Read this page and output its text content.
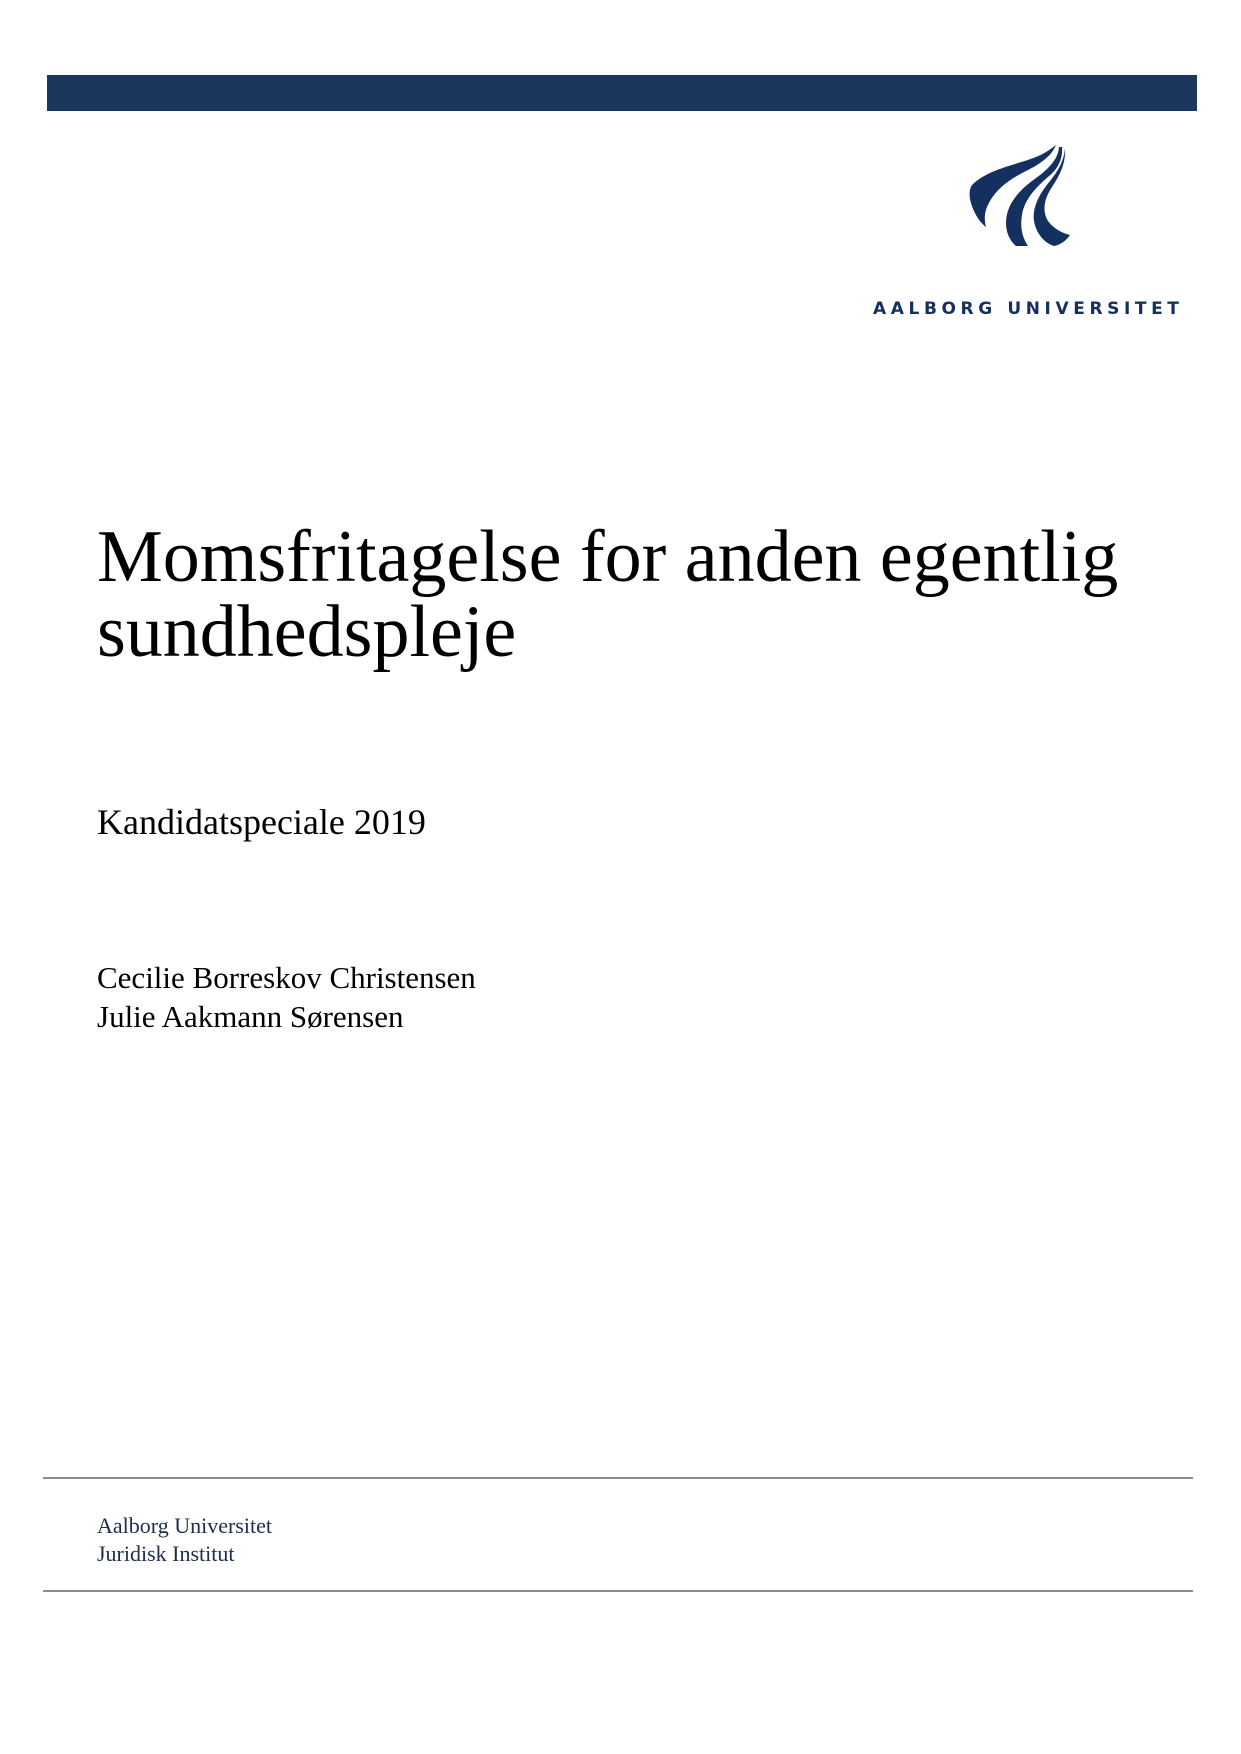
AALBORG UNIVERSITET
Momsfritagelse for anden egentlig
sundhedspleje
Kandidatspeciale 2019
Cecilie Borreskov Christensen
Julie Aakmann Sørensen
Aalborg Universitet
Juridisk Institut
